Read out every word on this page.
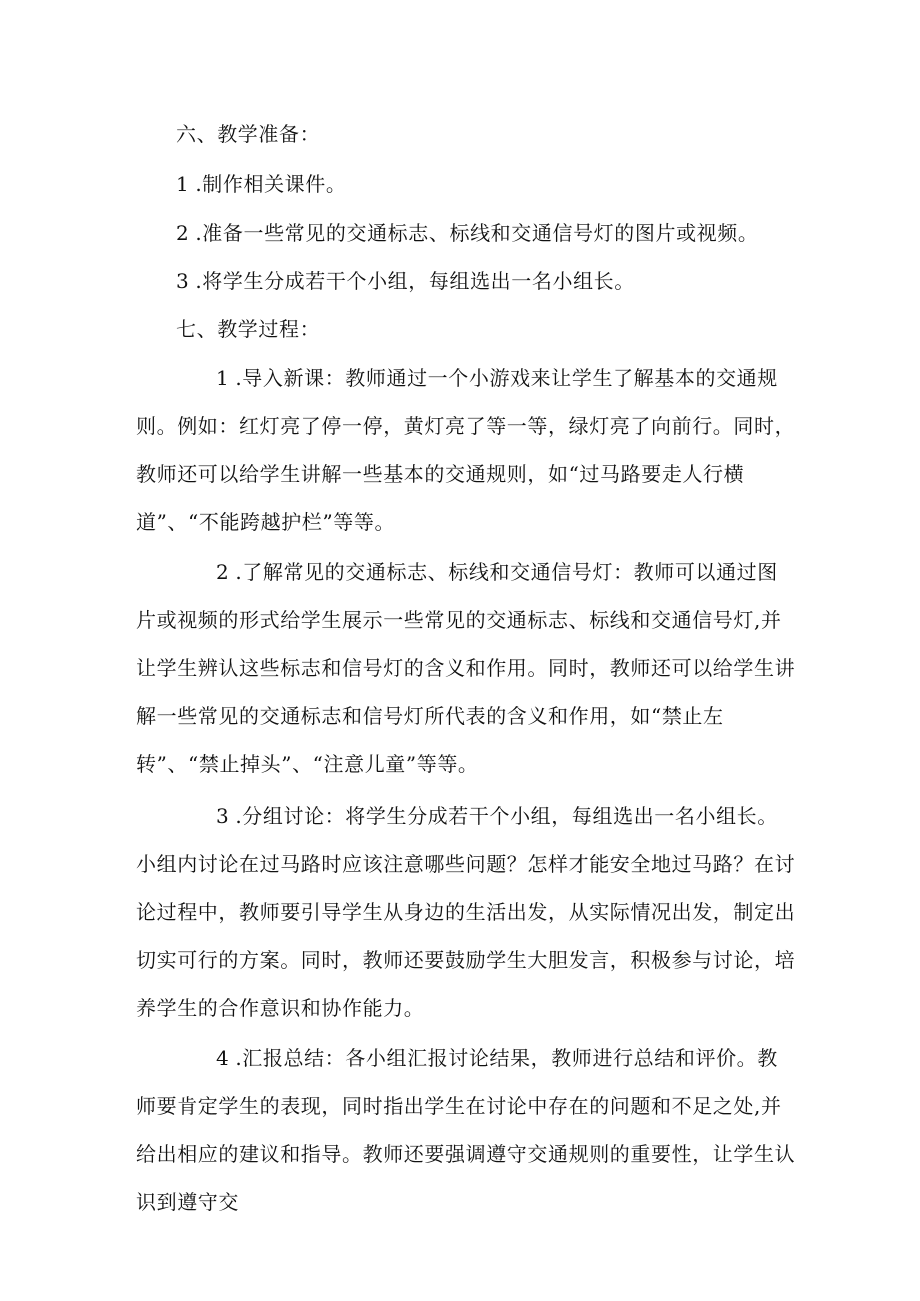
六、教学准备：

1 .制作相关课件。

2 .准备一些常见的交通标志、标线和交通信号灯的图片或视频。

3 .将学生分成若干个小组，每组选出一名小组长。

七、教学过程：

1 .导入新课：教师通过一个小游戏来让学生了解基本的交通规则。例如：红灯亮了停一停，黄灯亮了等一等，绿灯亮了向前行。同时，教师还可以给学生讲解一些基本的交通规则，如“过马路要走人行横道”、“不能跨越护栏”等等。

2 .了解常见的交通标志、标线和交通信号灯：教师可以通过图片或视频的形式给学生展示一些常见的交通标志、标线和交通信号灯,并让学生辨认这些标志和信号灯的含义和作用。同时，教师还可以给学生讲解一些常见的交通标志和信号灯所代表的含义和作用，如“禁止左转”、“禁止掉头”、“注意儿童”等等。

3 .分组讨论：将学生分成若干个小组，每组选出一名小组长。小组内讨论在过马路时应该注意哪些问题？怎样才能安全地过马路？在讨论过程中，教师要引导学生从身边的生活出发，从实际情况出发，制定出切实可行的方案。同时，教师还要鼓励学生大胆发言，积极参与讨论，培养学生的合作意识和协作能力。

4 .汇报总结：各小组汇报讨论结果，教师进行总结和评价。教师要肯定学生的表现，同时指出学生在讨论中存在的问题和不足之处,并给出相应的建议和指导。教师还要强调遵守交通规则的重要性，让学生认识到遵守交
